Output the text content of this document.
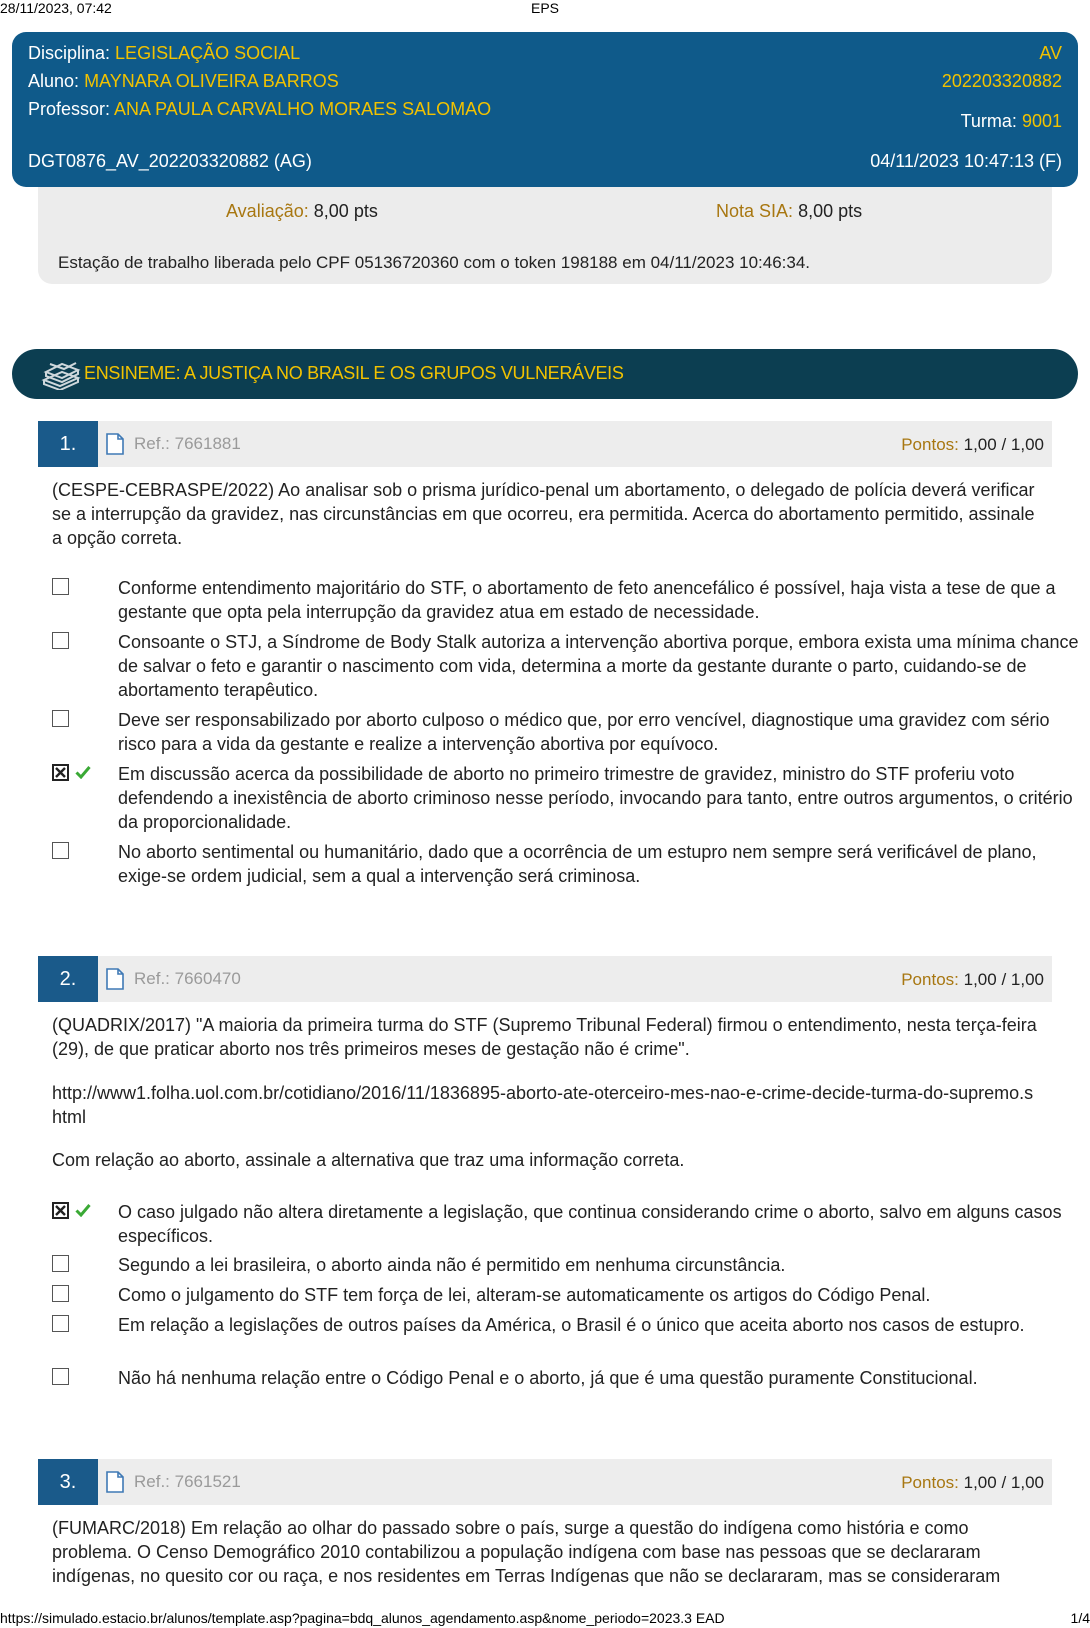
28/11/2023, 07:42	EPS
Disciplina: LEGISLAÇÃO SOCIAL
Aluno: MAYNARA OLIVEIRA BARROS
Professor: ANA PAULA CARVALHO MORAES SALOMAO
DGT0876_AV_202203320882 (AG)
AV
202203320882
Turma: 9001
04/11/2023 10:47:13 (F)
Avaliação: 8,00 pts	Nota SIA: 8,00 pts
Estação de trabalho liberada pelo CPF 05136720360 com o token 198188 em 04/11/2023 10:46:34.
ENSINEME: A JUSTIÇA NO BRASIL E OS GRUPOS VULNERÁVEIS
1.	Ref.: 7661881	Pontos: 1,00 / 1,00
(CESPE-CEBRASPE/2022) Ao analisar sob o prisma jurídico-penal um abortamento, o delegado de polícia deverá verificar se a interrupção da gravidez, nas circunstâncias em que ocorreu, era permitida. Acerca do abortamento permitido, assinale a opção correta.
Conforme entendimento majoritário do STF, o abortamento de feto anencefálico é possível, haja vista a tese de que a gestante que opta pela interrupção da gravidez atua em estado de necessidade.
Consoante o STJ, a Síndrome de Body Stalk autoriza a intervenção abortiva porque, embora exista uma mínima chance de salvar o feto e garantir o nascimento com vida, determina a morte da gestante durante o parto, cuidando-se de abortamento terapêutico.
Deve ser responsabilizado por aborto culposo o médico que, por erro vencível, diagnostique uma gravidez com sério risco para a vida da gestante e realize a intervenção abortiva por equívoco.
Em discussão acerca da possibilidade de aborto no primeiro trimestre de gravidez, ministro do STF proferiu voto defendendo a inexistência de aborto criminoso nesse período, invocando para tanto, entre outros argumentos, o critério da proporcionalidade.
No aborto sentimental ou humanitário, dado que a ocorrência de um estupro nem sempre será verificável de plano, exige-se ordem judicial, sem a qual a intervenção será criminosa.
2.	Ref.: 7660470	Pontos: 1,00 / 1,00
(QUADRIX/2017) "A maioria da primeira turma do STF (Supremo Tribunal Federal) firmou o entendimento, nesta terça-feira (29), de que praticar aborto nos três primeiros meses de gestação não é crime".
http://www1.folha.uol.com.br/cotidiano/2016/11/1836895-aborto-ate-oterceiro-mes-nao-e-crime-decide-turma-do-supremo.shtml
Com relação ao aborto, assinale a alternativa que traz uma informação correta.
O caso julgado não altera diretamente a legislação, que continua considerando crime o aborto, salvo em alguns casos específicos.
Segundo a lei brasileira, o aborto ainda não é permitido em nenhuma circunstância.
Como o julgamento do STF tem força de lei, alteram-se automaticamente os artigos do Código Penal.
Em relação a legislações de outros países da América, o Brasil é o único que aceita aborto nos casos de estupro.
Não há nenhuma relação entre o Código Penal e o aborto, já que é uma questão puramente Constitucional.
3.	Ref.: 7661521	Pontos: 1,00 / 1,00
(FUMARC/2018) Em relação ao olhar do passado sobre o país, surge a questão do indígena como história e como problema. O Censo Demográfico 2010 contabilizou a população indígena com base nas pessoas que se declararam indígenas, no quesito cor ou raça, e nos residentes em Terras Indígenas que não se declararam, mas se consideraram
https://simulado.estacio.br/alunos/template.asp?pagina=bdq_alunos_agendamento.asp&nome_periodo=2023.3 EAD	1/4
